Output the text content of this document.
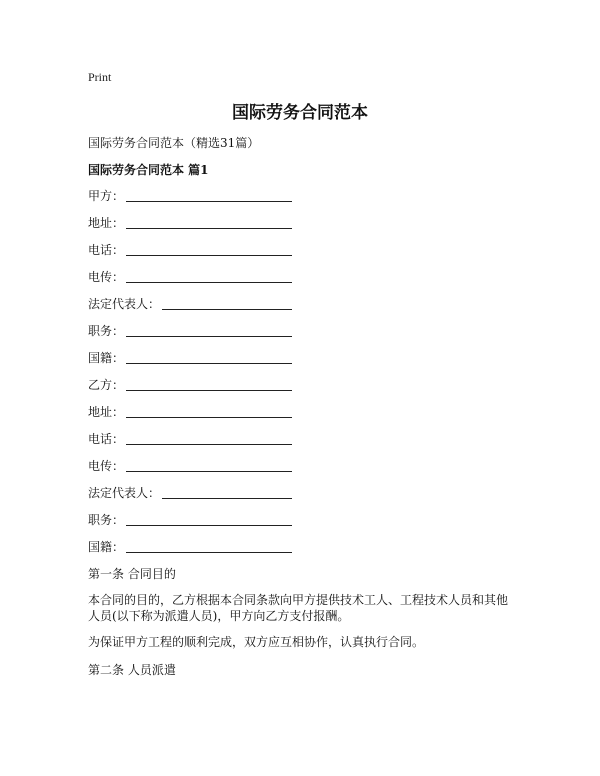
Print
国际劳务合同范本
国际劳务合同范本（精选31篇）
国际劳务合同范本 篇1
甲方：
地址：
电话：
电传：
法定代表人：
职务：
国籍：
乙方：
地址：
电话：
电传：
法定代表人：
职务：
国籍：
第一条 合同目的
本合同的目的，乙方根据本合同条款向甲方提供技术工人、工程技术人员和其他人员(以下称为派遣人员)，甲方向乙方支付报酬。
为保证甲方工程的顺利完成，双方应互相协作，认真执行合同。
第二条 人员派遣
